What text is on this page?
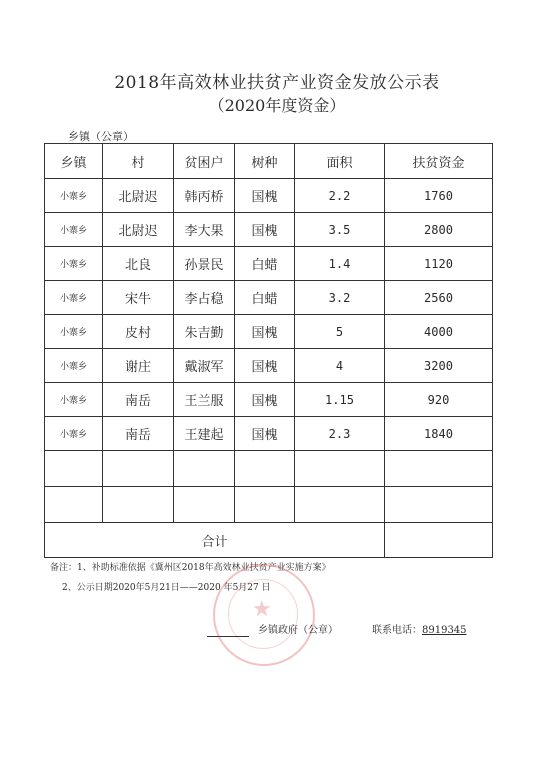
2018年高效林业扶贫产业资金发放公示表
（2020年度资金）
乡镇（公章）
乡镇	村	贫困户	树种	面积	扶贫资金
小寨乡	北尉迟	韩丙桥	国槐	2.2	1760
小寨乡	北尉迟	李大果	国槐	3.5	2800
小寨乡	北良	孙景民	白蜡	1.4	1120
小寨乡	宋牛	李占稳	白蜡	3.2	2560
小寨乡	皮村	朱吉勤	国槐	5	4000
小寨乡	谢庄	戴淑军	国槐	4	3200
小寨乡	南岳	王兰服	国槐	1.15	920
小寨乡	南岳	王建起	国槐	2.3	1840

合计					
备注：1、补助标准依据《冀州区2018年高效林业扶贫产业实施方案》
2、公示日期2020年5月21日——2020 年5月27 日
★
乡镇政府（公章）	联系电话：8919345
